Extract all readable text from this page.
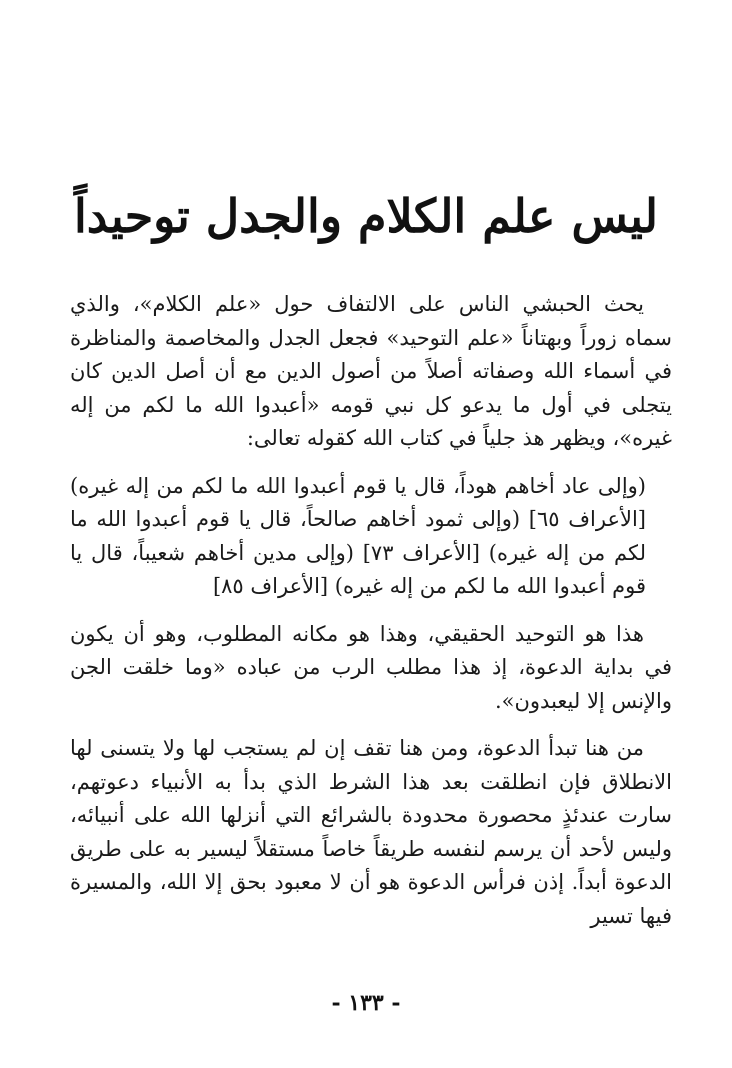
ليس علم الكلام والجدل توحيداً

يحث الحبشي الناس على الالتفاف حول «علم الكلام»، والذي سماه زوراً وبهتاناً «علم التوحيد» فجعل الجدل والمخاصمة والمناظرة في أسماء الله وصفاته أصلاً من أصول الدين مع أن أصل الدين كان يتجلى في أول ما يدعو كل نبي قومه «أعبدوا الله ما لكم من إله غيره»، ويظهر هذ جلياً في كتاب الله كقوله تعالى:

(وإلى عاد أخاهم هوداً، قال يا قوم أعبدوا الله ما لكم من إله غيره) [الأعراف ٦٥] (وإلى ثمود أخاهم صالحاً، قال يا قوم أعبدوا الله ما لكم من إله غيره) [الأعراف ٧٣] (وإلى مدين أخاهم شعيباً، قال يا قوم أعبدوا الله ما لكم من إله غيره) [الأعراف ٨٥]

هذا هو التوحيد الحقيقي، وهذا هو مكانه المطلوب، وهو أن يكون في بداية الدعوة، إذ هذا مطلب الرب من عباده «وما خلقت الجن والإنس إلا ليعبدون».

من هنا تبدأ الدعوة، ومن هنا تقف إن لم يستجب لها ولا يتسنى لها الانطلاق فإن انطلقت بعد هذا الشرط الذي بدأ به الأنبياء دعوتهم، سارت عندئذٍ محصورة محدودة بالشرائع التي أنزلها الله على أنبيائه، وليس لأحد أن يرسم لنفسه طريقاً خاصاً مستقلاً ليسير به على طريق الدعوة أبداً. إذن فرأس الدعوة هو أن لا معبود بحق إلا الله، والمسيرة فيها تسير

- ١٣٣ -
